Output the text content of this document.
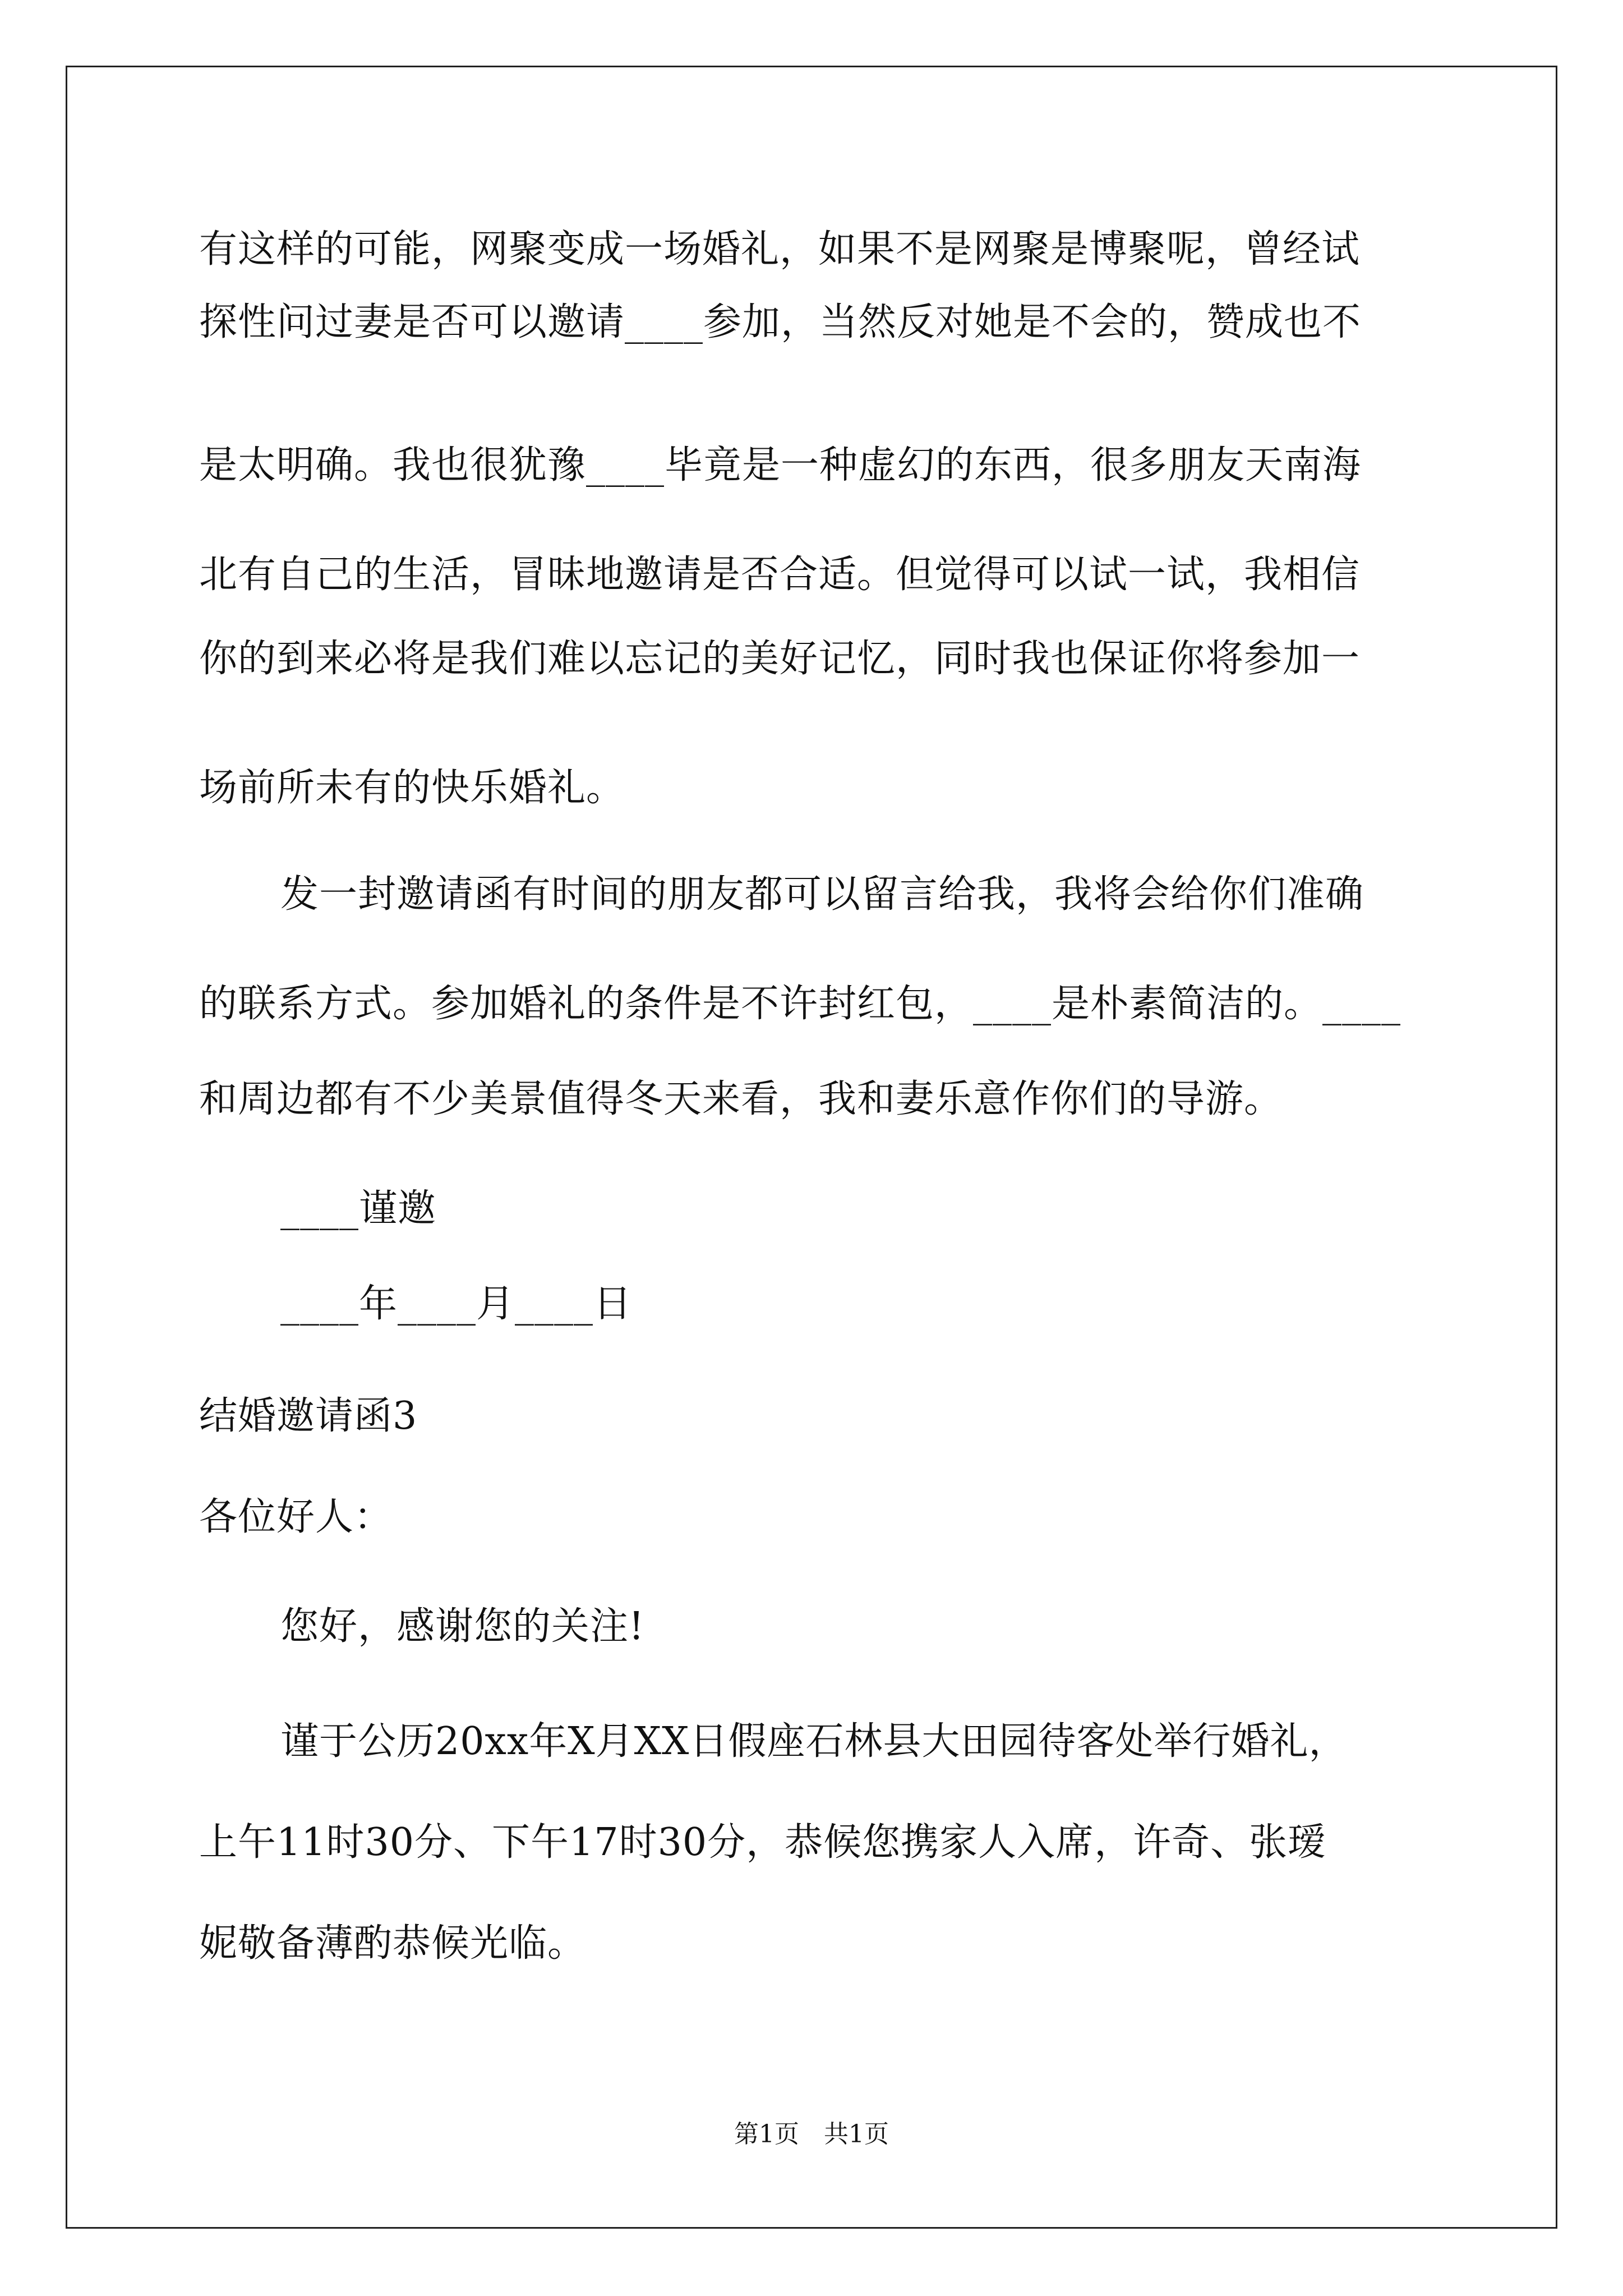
有这样的可能，网聚变成一场婚礼，如果不是网聚是博聚呢，曾经试
探性问过妻是否可以邀请____参加，当然反对她是不会的，赞成也不
是太明确。我也很犹豫____毕竟是一种虚幻的东西，很多朋友天南海
北有自己的生活，冒昧地邀请是否合适。但觉得可以试一试，我相信
你的到来必将是我们难以忘记的美好记忆，同时我也保证你将参加一
场前所未有的快乐婚礼。
发一封邀请函有时间的朋友都可以留言给我，我将会给你们准确
的联系方式。参加婚礼的条件是不许封红包，____是朴素简洁的。____
和周边都有不少美景值得冬天来看，我和妻乐意作你们的导游。
____谨邀
____年____月____日
结婚邀请函3
各位好人：
您好，感谢您的关注!
谨于公历20xx年X月XX日假座石林县大田园待客处举行婚礼，
上午11时30分、下午17时30分，恭候您携家人入席，许奇、张瑷
妮敬备薄酌恭候光临。
第1页　共1页
